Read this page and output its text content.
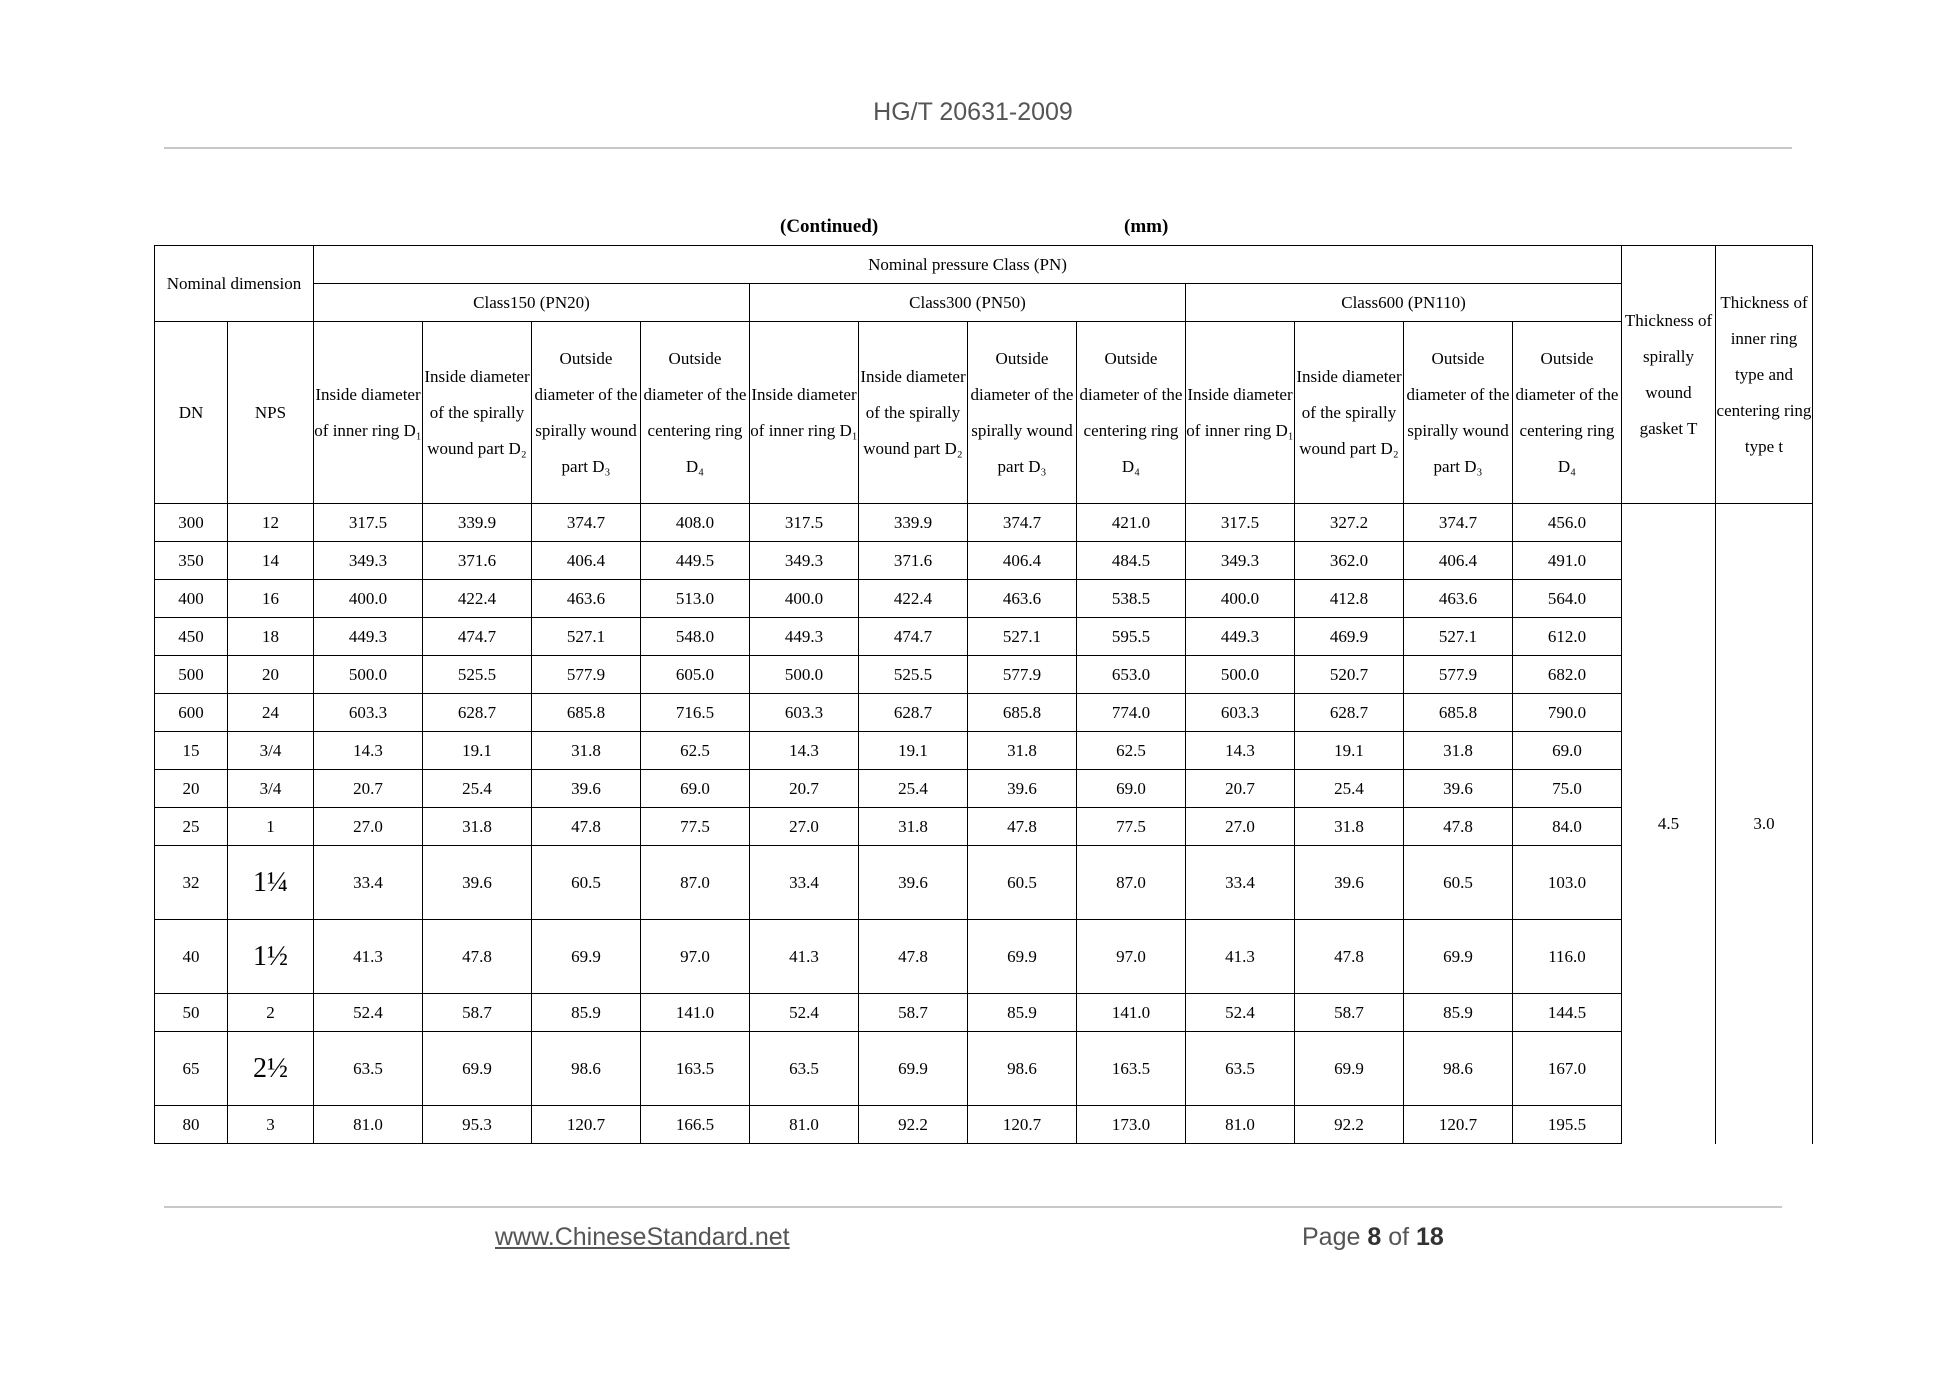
HG/T 20631-2009
(Continued)	(mm)
Nominal dimension		Nominal pressure Class (PN)												Thickness of spirally wound gasket T	Thickness of inner ring type and centering ring type t
		Class150 (PN20)				Class300 (PN50)				Class600 (PN110)					
DN	NPS	Inside diameter of inner ring D₁	Inside diameter of the spirally wound part D₂	Outside diameter of the spirally wound part D₃	Outside diameter of the centering ring D₄	Inside diameter of inner ring D₁	Inside diameter of the spirally wound part D₂	Outside diameter of the spirally wound part D₃	Outside diameter of the centering ring D₄	Inside diameter of inner ring D₁	Inside diameter of the spirally wound part D₂	Outside diameter of the spirally wound part D₃	Outside diameter of the centering ring D₄		
300	12	317.5	339.9	374.7	408.0	317.5	339.9	374.7	421.0	317.5	327.2	374.7	456.0	4.5	3.0
350	14	349.3	371.6	406.4	449.5	349.3	371.6	406.4	484.5	349.3	362.0	406.4	491.0		
400	16	400.0	422.4	463.6	513.0	400.0	422.4	463.6	538.5	400.0	412.8	463.6	564.0		
450	18	449.3	474.7	527.1	548.0	449.3	474.7	527.1	595.5	449.3	469.9	527.1	612.0		
500	20	500.0	525.5	577.9	605.0	500.0	525.5	577.9	653.0	500.0	520.7	577.9	682.0		
600	24	603.3	628.7	685.8	716.5	603.3	628.7	685.8	774.0	603.3	628.7	685.8	790.0		
15	3/4	14.3	19.1	31.8	62.5	14.3	19.1	31.8	62.5	14.3	19.1	31.8	69.0		
20	3/4	20.7	25.4	39.6	69.0	20.7	25.4	39.6	69.0	20.7	25.4	39.6	75.0		
25	1	27.0	31.8	47.8	77.5	27.0	31.8	47.8	77.5	27.0	31.8	47.8	84.0		
32	1¼	33.4	39.6	60.5	87.0	33.4	39.6	60.5	87.0	33.4	39.6	60.5	103.0		
40	1½	41.3	47.8	69.9	97.0	41.3	47.8	69.9	97.0	41.3	47.8	69.9	116.0		
50	2	52.4	58.7	85.9	141.0	52.4	58.7	85.9	141.0	52.4	58.7	85.9	144.5		
65	2½	63.5	69.9	98.6	163.5	63.5	69.9	98.6	163.5	63.5	69.9	98.6	167.0		
80	3	81.0	95.3	120.7	166.5	81.0	92.2	120.7	173.0	81.0	92.2	120.7	195.5		
www.ChineseStandard.net	Page 8 of 18
